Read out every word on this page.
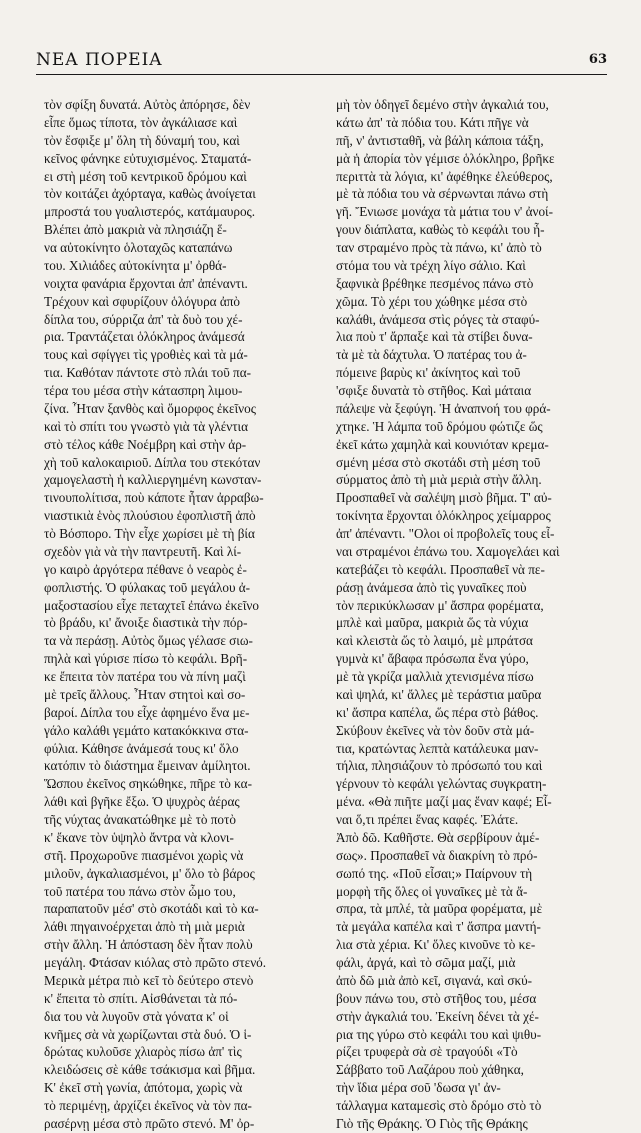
ΝΕΑ ΠΟΡΕΙΑ	63
τὸν σφίξη δυνατά. Αὐτὸς ἀπόρησε, δὲν
εἶπε ὅμως τίποτα, τὸν ἀγκάλιασε καὶ
τὸν ἔσφιξε μ' ὅλη τὴ δύναμή του, καὶ
κεῖνος φάνηκε εὐτυχισμένος. Σταματά-
ει στὴ μέση τοῦ κεντρικοῦ δρόμου καὶ
τὸν κοιτάζει ἀχόρταγα, καθὼς ἀνοίγεται
μπροστά του γυαλιστερός, κατάμαυρος.
Βλέπει ἀπὸ μακριὰ νὰ πλησιάζη ἕ-
να αὐτοκίνητο ὁλοταχῶς καταπάνω
του. Χιλιάδες αὐτοκίνητα μ' ὀρθά-
νοιχτα φανάρια ἔρχονται ἀπ' ἀπέναντι.
Τρέχουν καὶ σφυρίζουν ὁλόγυρα ἀπὸ
δίπλα του, σύρριζα ἀπ' τὰ δυὸ του χέ-
ρια. Τραντάζεται ὁλόκληρος ἀνάμεσά
τους καὶ σφίγγει τὶς γροθιὲς καὶ τὰ μά-
τια. Καθόταν πάντοτε στὸ πλάι τοῦ πα-
τέρα του μέσα στὴν κάτασπρη λιμου-
ζίνα. Ἦταν ξανθὸς καὶ ὄμορφος ἐκεῖνος
καὶ τὸ σπίτι του γνωστὸ γιὰ τὰ γλέντια
στὸ τέλος κάθε Νοέμβρη καὶ στὴν ἀρ-
χὴ τοῦ καλοκαιριοῦ. Δίπλα του στεκόταν
χαμογελαστὴ ἡ καλλιεργημένη κωνσταν-
τινουπολίτισα, ποὺ κάποτε ἦταν ἀρραβω-
νιαστικιὰ ἑνὸς πλούσιου ἐφοπλιστῆ ἀπὸ
τὸ Βόσπορο. Τὴν εἶχε χωρίσει μὲ τὴ βία
σχεδὸν γιὰ νὰ τὴν παντρευτῆ. Καὶ λί-
γο καιρὸ ἀργότερα πέθανε ὁ νεαρὸς ἐ-
φοπλιστής. Ὁ φύλακας τοῦ μεγάλου ἀ-
μαξοστασίου εἶχε πεταχτεῖ ἐπάνω ἐκεῖνο
τὸ βράδυ, κι' ἄνοιξε διαστικὰ τὴν πόρ-
τα νὰ περάσῃ. Αὐτὸς ὅμως γέλασε σιω-
πηλὰ καὶ γύρισε πίσω τὸ κεφάλι. Βρῆ-
κε ἔπειτα τὸν πατέρα του νὰ πίνη μαζὶ
μὲ τρεῖς ἄλλους. Ἦταν στητοὶ καὶ σο-
βαροί. Δίπλα του εἶχε ἀφημένο ἕνα με-
γάλο καλάθι γεμάτο κατακόκκινα στα-
φύλια. Κάθησε ἀνάμεσά τους κι' ὅλο
κατόπιν τὸ διάστημα ἔμειναν ἀμίλητοι.
Ὥσπου ἐκεῖνος σηκώθηκε, πῆρε τὸ κα-
λάθι καὶ βγῆκε ἔξω. Ὁ ψυχρὸς ἀέρας
τῆς νύχτας ἀνακατώθηκε μὲ τὸ ποτὸ
κ' ἔκανε τὸν ὑψηλὸ ἄντρα νὰ κλονι-
στῆ. Προχωροῦνε πιασμένοι χωρὶς νὰ
μιλοῦν, ἀγκαλιασμένοι, μ' ὅλο τὸ βάρος
τοῦ πατέρα του πάνω στὸν ὦμο του,
παραπατοῦν μέσ' στὸ σκοτάδι καὶ τὸ κα-
λάθι πηγαινοέρχεται ἀπὸ τὴ μιὰ μεριὰ
στὴν ἄλλη. Ἡ ἀπόσταση δὲν ἦταν πολὺ
μεγάλη. Φτάσαν κιόλας στὸ πρῶτο στενό.
Μερικὰ μέτρα πιὸ κεῖ τὸ δεύτερο στενὸ
κ' ἔπειτα τὸ σπίτι. Αἰσθάνεται τὰ πό-
δια του νὰ λυγοῦν στὰ γόνατα κ' οἱ
κνῆμες σὰ νὰ χωρίζωνται στὰ δυό. Ὁ ἱ-
δρώτας κυλοῦσε χλιαρὸς πίσω ἀπ' τὶς
κλειδώσεις σὲ κάθε τσάκισμα καὶ βῆμα.
Κ' ἐκεῖ στὴ γωνία, ἀπότομα, χωρὶς νὰ
τὸ περιμένῃ, ἀρχίζει ἐκεῖνος νὰ τὸν πα-
ρασέρνῃ μέσα στὸ πρῶτο στενό. Μ' ὀρ-
μὴ τὸν ὁδηγεῖ δεμένο στὴν ἀγκαλιά του,
κάτω ἀπ' τὰ πόδια του. Κάτι πῆγε νὰ
πῆ, ν' ἀντισταθῆ, νὰ βάλη κάποια τάξη,
μὰ ἡ ἀπορία τὸν γέμισε ὁλόκληρο, βρῆκε
περιττὰ τὰ λόγια, κι' ἀφέθηκε ἐλεύθερος,
μὲ τὰ πόδια του νὰ σέρνωνται πάνω στὴ
γῆ. Ἔνιωσε μονάχα τὰ μάτια του ν' ἀνοί-
γουν διάπλατα, καθὼς τὸ κεφάλι του ἦ-
ταν στραμένο πρὸς τὰ πάνω, κι' ἀπὸ τὸ
στόμα του νὰ τρέχη λίγο σάλιο. Καὶ
ξαφνικὰ βρέθηκε πεσμένος πάνω στὸ
χῶμα. Τὸ χέρι του χώθηκε μέσα στὸ
καλάθι, ἀνάμεσα στὶς ρόγες τὰ σταφύ-
λια ποὺ τ' ἄρπαξε καὶ τὰ στίβει δυνα-
τὰ μὲ τὰ δάχτυλα. Ὁ πατέρας του ἀ-
πόμεινε βαρὺς κι' ἀκίνητος καὶ τοῦ
'σφιξε δυνατὰ τὸ στῆθος. Καὶ μάταια
πάλεψε νὰ ξεφύγη. Ἡ ἀναπνοή του φρά-
χτηκε. Ἡ λάμπα τοῦ δρόμου φώτιζε ὥς
ἐκεῖ κάτω χαμηλὰ καὶ κουνιόταν κρεμα-
σμένη μέσα στὸ σκοτάδι στὴ μέση τοῦ
σύρματος ἀπὸ τὴ μιὰ μεριὰ στὴν ἄλλη.
Προσπαθεῖ νὰ σαλέψη μισὸ βῆμα. Τ' αὐ-
τοκίνητα ἔρχονται ὁλόκληρος χείμαρρος
ἀπ' ἀπέναντι. "Ολοι οἱ προβολεῖς τους εἶ-
ναι στραμένοι ἐπάνω του. Χαμογελάει καὶ
κατεβάζει τὸ κεφάλι. Προσπαθεῖ νὰ πε-
ράσῃ ἀνάμεσα ἀπὸ τὶς γυναῖκες ποὺ
τὸν περικύκλωσαν μ' ἄσπρα φορέματα,
μπλὲ καὶ μαῦρα, μακριὰ ὥς τὰ νύχια
καὶ κλειστὰ ὥς τὸ λαιμό, μὲ μπράτσα
γυμνὰ κι' ἄβαφα πρόσωπα ἕνα γύρο,
μὲ τὰ γκρίζα μαλλιὰ χτενισμένα πίσω
καὶ ψηλά, κι' ἄλλες μὲ τεράστια μαῦρα
κι' ἄσπρα καπέλα, ὥς πέρα στὸ βάθος.
Σκύβουν ἐκεῖνες νὰ τὸν δοῦν στὰ μά-
τια, κρατώντας λεπτὰ κατάλευκα μαν-
τήλια, πλησιάζουν τὸ πρόσωπό του καὶ
γέρνουν τὸ κεφάλι γελώντας συγκρατη-
μένα. «Θὰ πιῆτε μαζί μας ἕναν καφέ; Εἶ-
ναι ὅ,τι πρέπει ἕνας καφές. Ἐλάτε.
Ἀπὸ δῶ. Καθῆστε. Θὰ σερβίρουν ἀμέ-
σως». Προσπαθεῖ νὰ διακρίνη τὸ πρό-
σωπό της. «Ποῦ εἶσαι;» Παίρνουν τὴ
μορφὴ τῆς ὅλες οἱ γυναῖκες μὲ τὰ ἄ-
σπρα, τὰ μπλέ, τὰ μαῦρα φορέματα, μὲ
τὰ μεγάλα καπέλα καὶ τ' ἄσπρα μαντή-
λια στὰ χέρια. Κι' ὅλες κινοῦνε τὸ κε-
φάλι, ἀργά, καὶ τὸ σῶμα μαζί, μιὰ
ἀπὸ δῶ μιὰ ἀπὸ κεῖ, σιγανά, καὶ σκύ-
βουν πάνω του, στὸ στῆθος του, μέσα
στὴν ἀγκαλιά του. Ἐκείνη δένει τὰ χέ-
ρια της γύρω στὸ κεφάλι του καὶ ψιθυ-
ρίζει τρυφερὰ σὰ σὲ τραγούδι «Τὸ
Σάββατο τοῦ Λαζάρου ποὺ χάθηκα,
τὴν ἴδια μέρα σοῦ 'δωσα γι' ἀν-
τάλλαγμα καταμεσὶς στὸ δρόμο στὸ τὸ
Γιὸ τῆς Θράκης. Ὁ Γιὸς τῆς Θράκης
